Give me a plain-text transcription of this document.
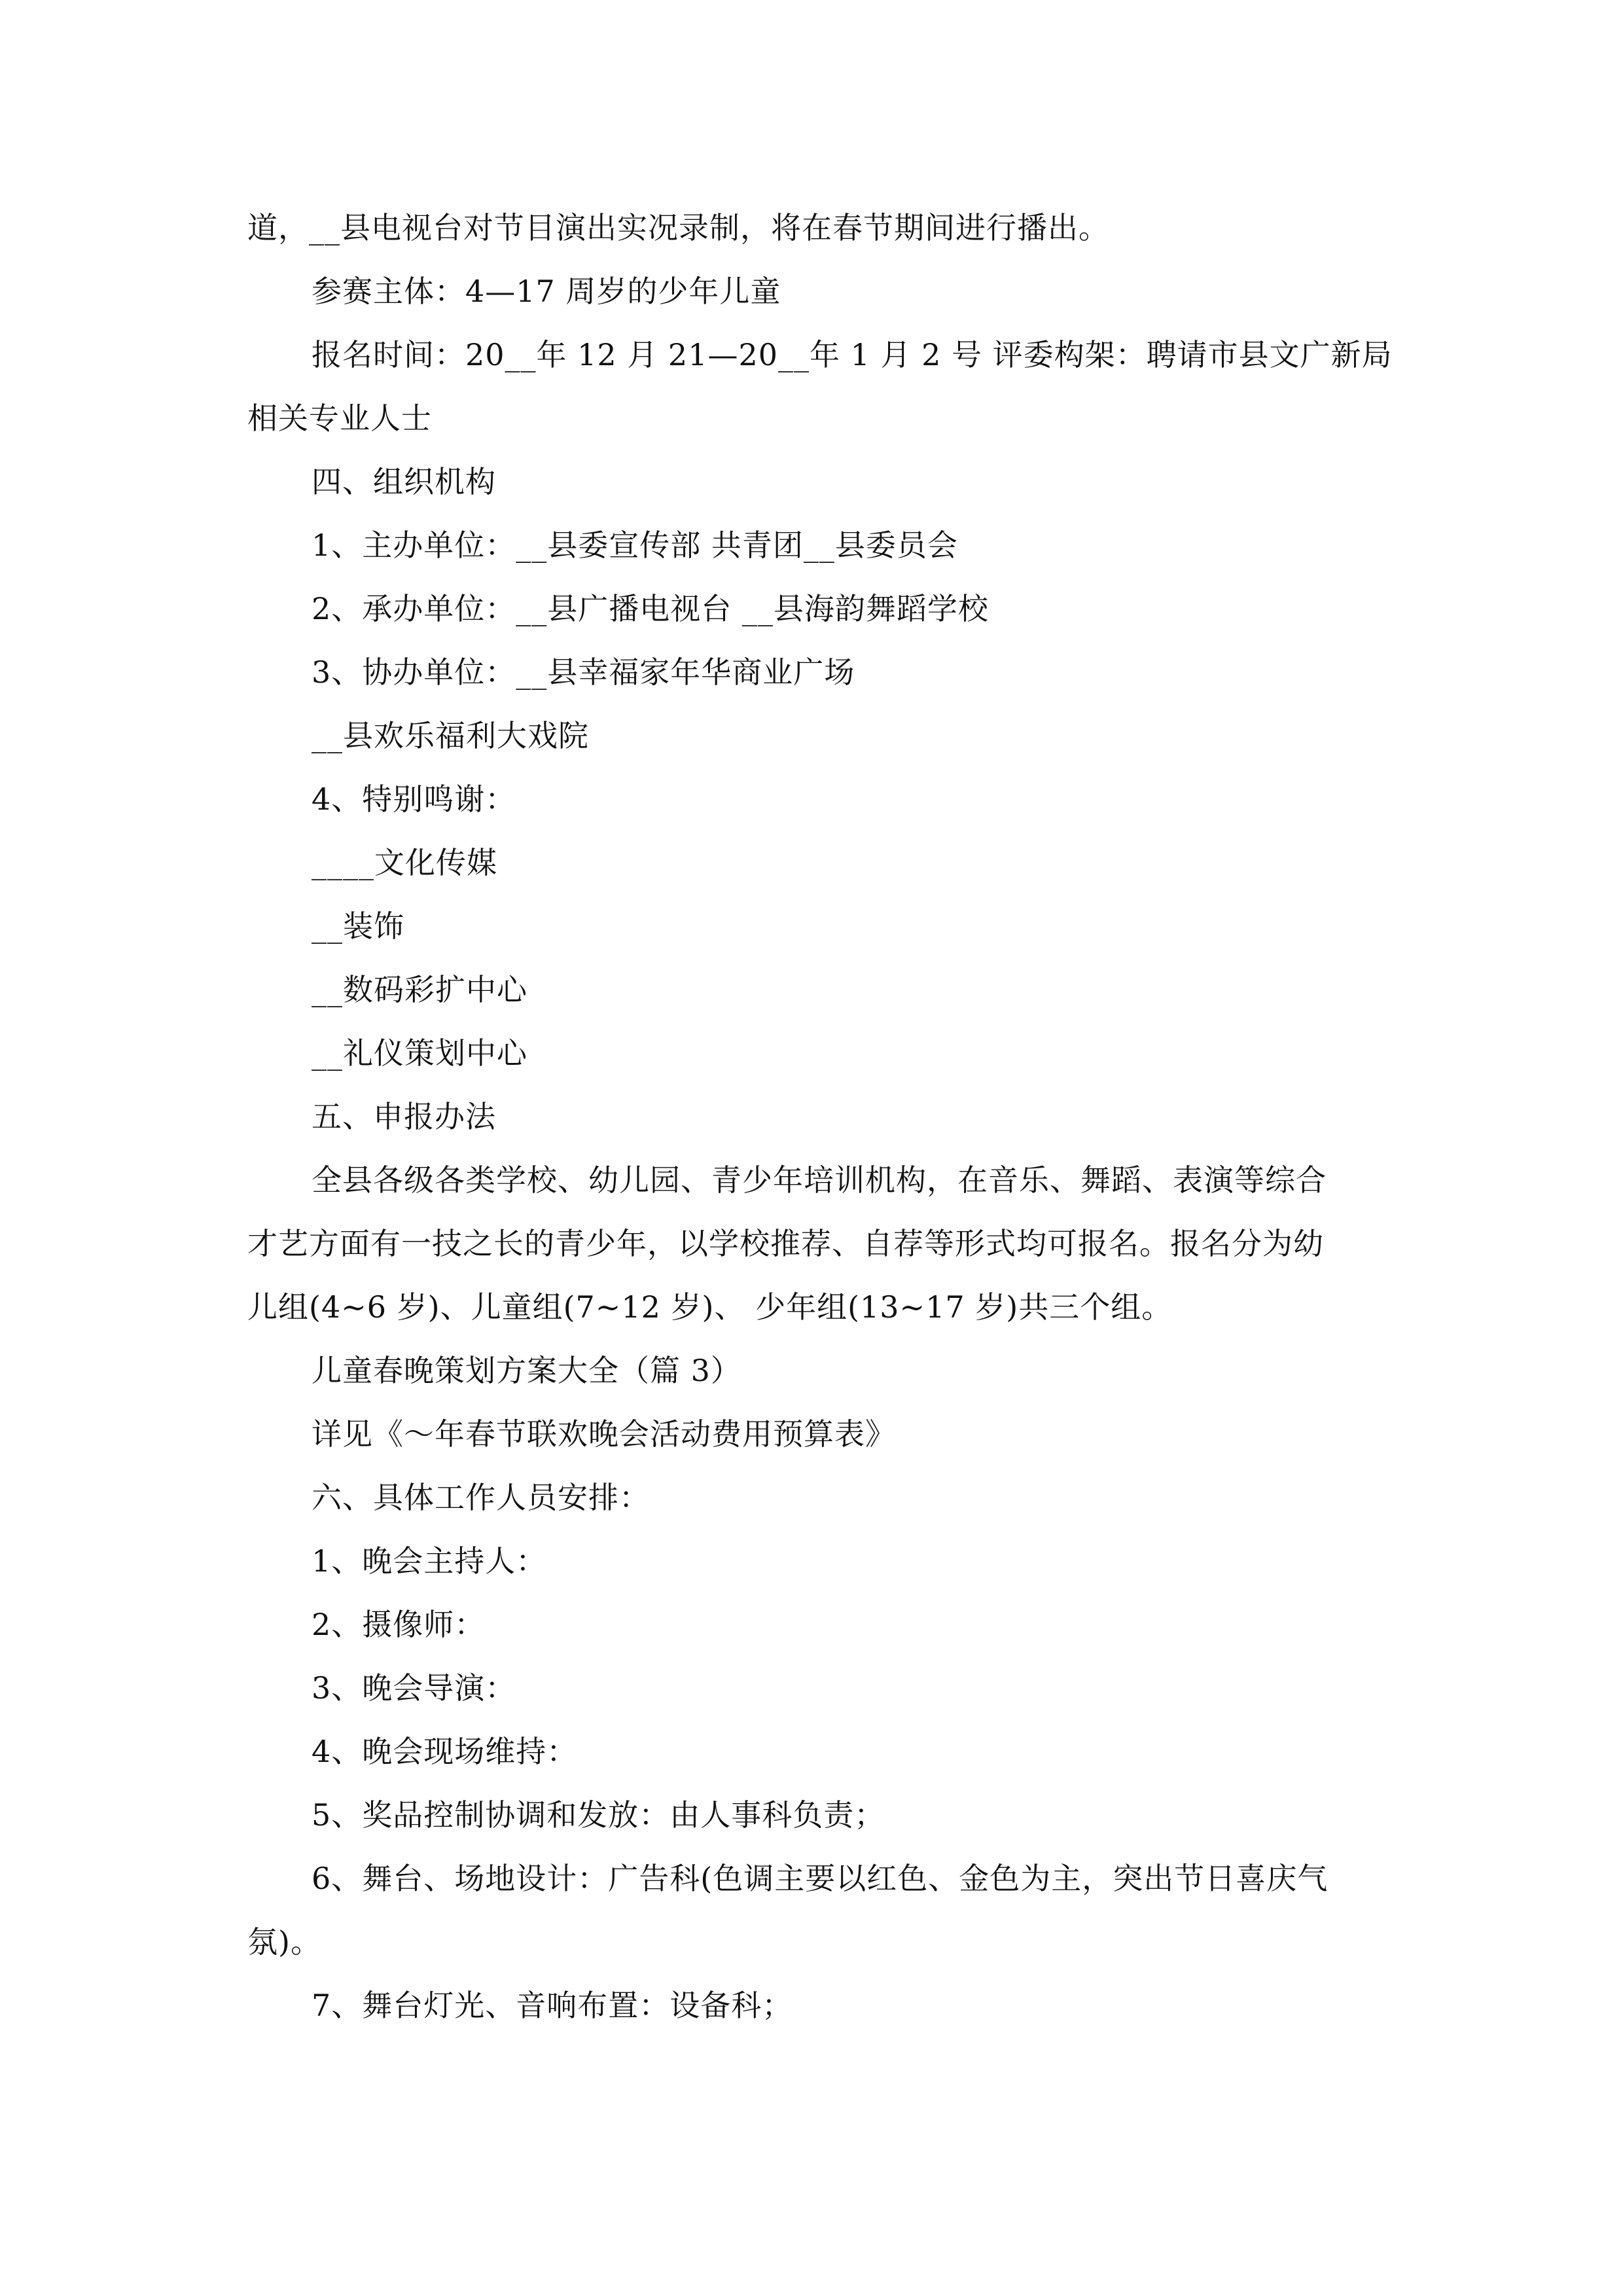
道，__县电视台对节目演出实况录制，将在春节期间进行播出。
参赛主体：4—17 周岁的少年儿童
报名时间：20__年 12 月 21—20__年 1 月 2 号 评委构架：聘请市县文广新局
相关专业人士
四、组织机构
1、主办单位：__县委宣传部 共青团__县委员会
2、承办单位：__县广播电视台 __县海韵舞蹈学校
3、协办单位：__县幸福家年华商业广场
__县欢乐福利大戏院
4、特别鸣谢：
____文化传媒
__装饰
__数码彩扩中心
__礼仪策划中心
五、申报办法
全县各级各类学校、幼儿园、青少年培训机构，在音乐、舞蹈、表演等综合
才艺方面有一技之长的青少年，以学校推荐、自荐等形式均可报名。报名分为幼
儿组(4~6 岁)、儿童组(7~12 岁)、 少年组(13~17 岁)共三个组。
儿童春晚策划方案大全（篇 3）
详见《～年春节联欢晚会活动费用预算表》
六、具体工作人员安排：
1、晚会主持人：
2、摄像师：
3、晚会导演：
4、晚会现场维持：
5、奖品控制协调和发放：由人事科负责；
6、舞台、场地设计：广告科(色调主要以红色、金色为主，突出节日喜庆气
氛)。
7、舞台灯光、音响布置：设备科；
